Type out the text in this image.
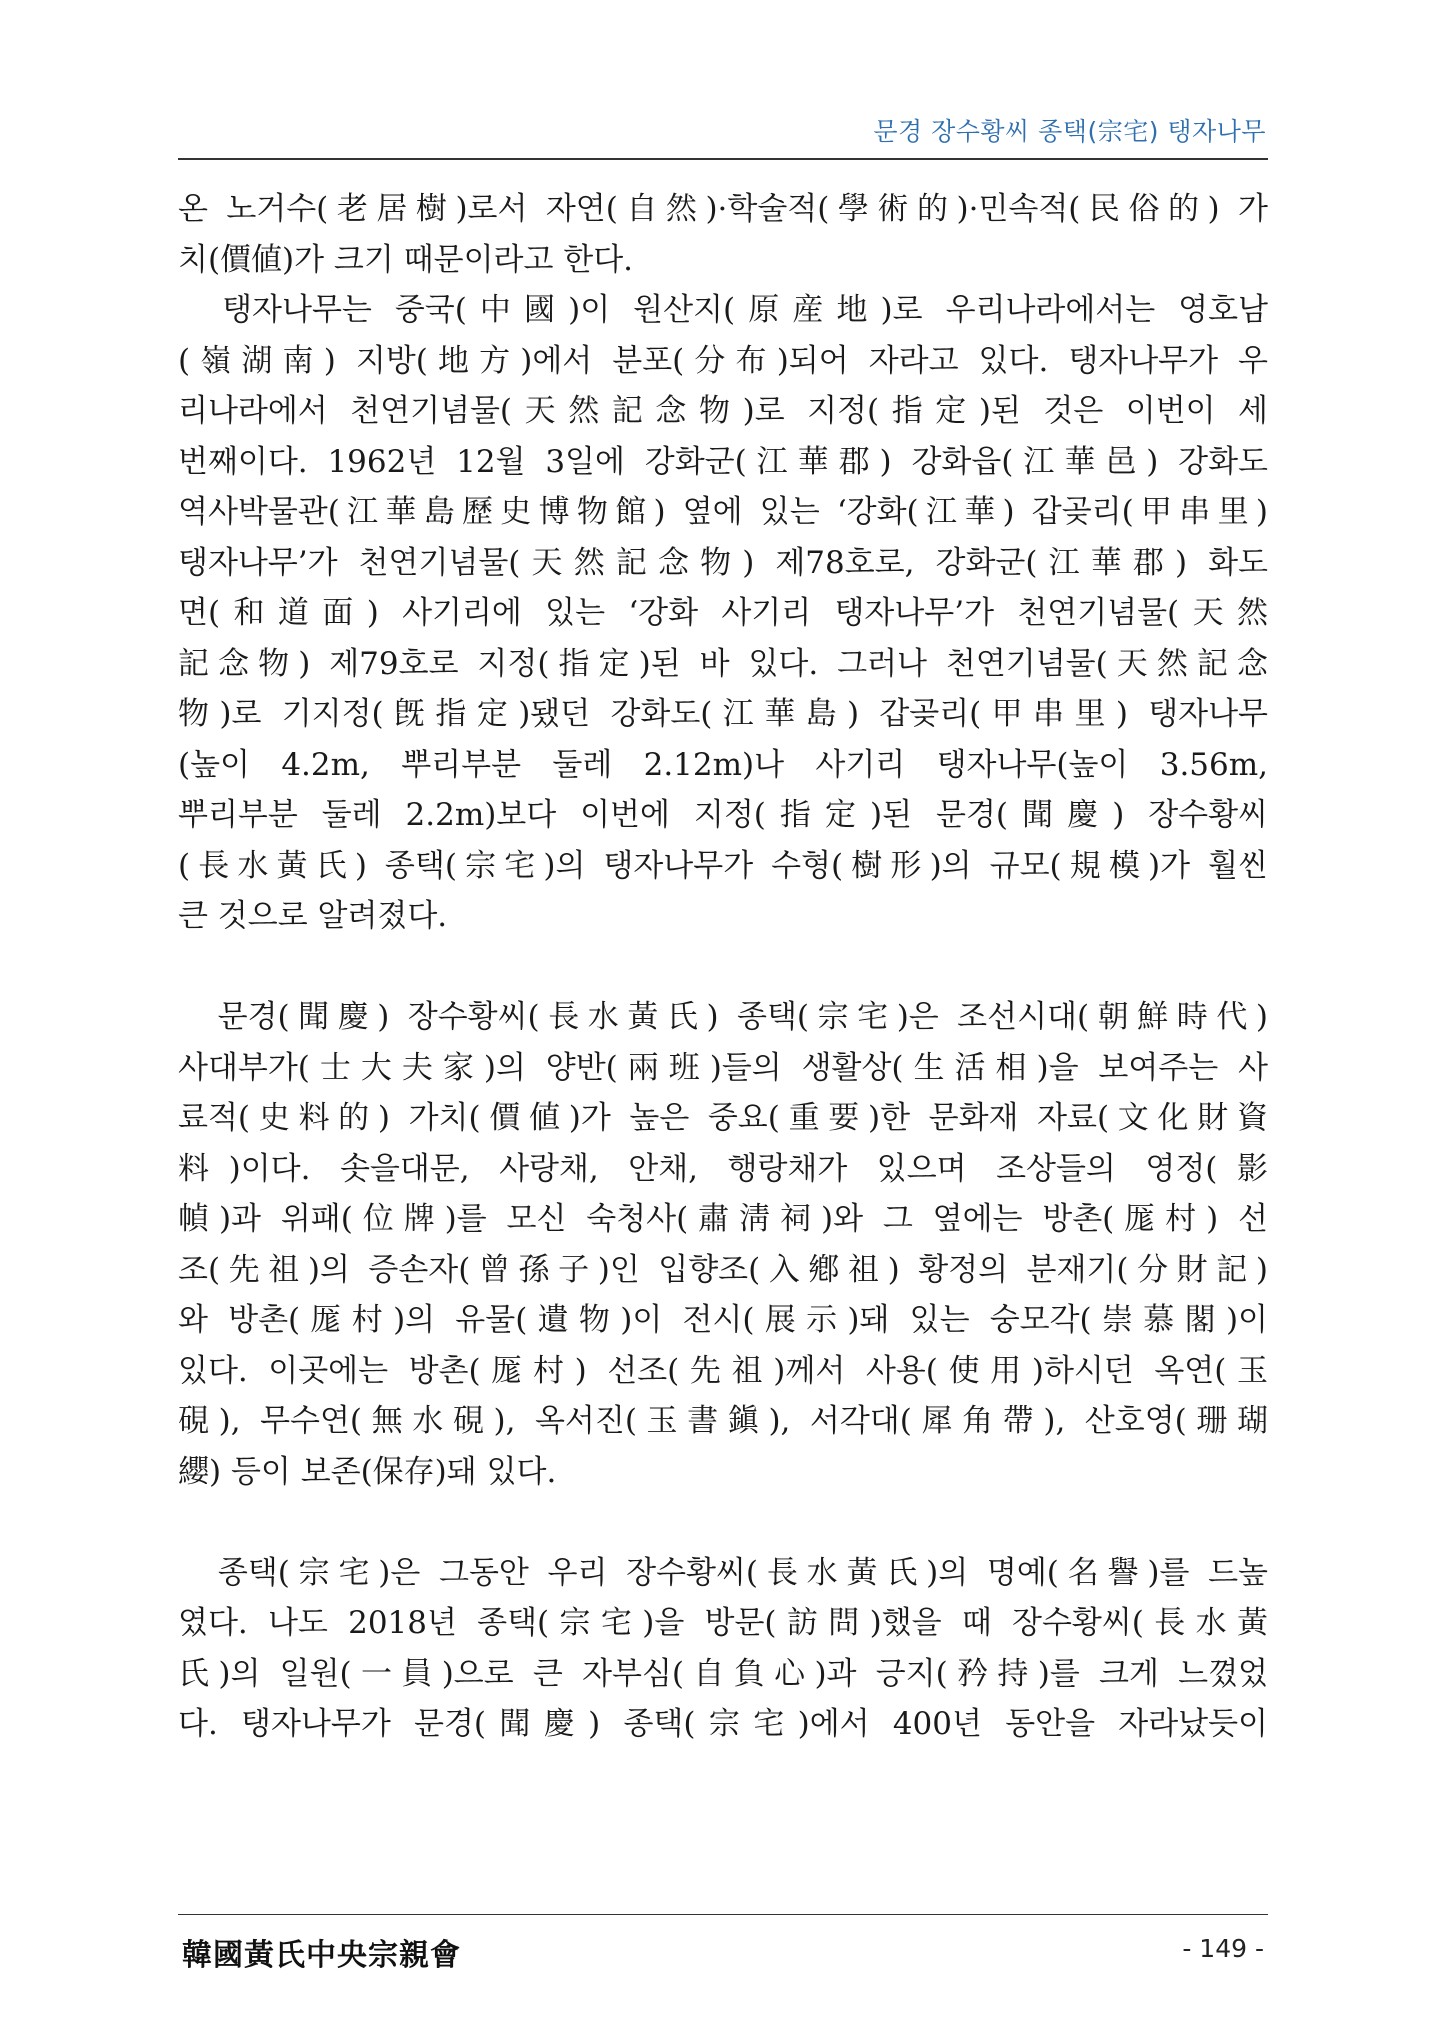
문경 장수황씨 종택(宗宅) 탱자나무
온 노거수(老居樹)로서 자연(自然)·학술적(學術的)·민속적(民俗的) 가
치(價値)가 크기 때문이라고 한다.
　탱자나무는 중국(中國)이 원산지(原産地)로 우리나라에서는 영호남
(嶺湖南) 지방(地方)에서 분포(分布)되어 자라고 있다. 탱자나무가 우
리나라에서 천연기념물(天然記念物)로 지정(指定)된 것은 이번이 세
번째이다. 1962년 12월 3일에 강화군(江華郡) 강화읍(江華邑) 강화도
역사박물관(江華島歷史博物館) 옆에 있는 ‘강화(江華) 갑곶리(甲串里)
탱자나무’가 천연기념물(天然記念物) 제78호로, 강화군(江華郡) 화도
면(和道面) 사기리에 있는 ‘강화 사기리 탱자나무’가 천연기념물(天然
記念物) 제79호로 지정(指定)된 바 있다. 그러나 천연기념물(天然記念
物)로 기지정(旣指定)됐던 강화도(江華島) 갑곶리(甲串里) 탱자나무
(높이 4.2m, 뿌리부분 둘레 2.12m)나 사기리 탱자나무(높이 3.56m,
뿌리부분 둘레 2.2m)보다 이번에 지정(指定)된 문경(聞慶) 장수황씨
(長水黃氏) 종택(宗宅)의 탱자나무가 수형(樹形)의 규모(規模)가 훨씬
큰 것으로 알려졌다.
　문경(聞慶) 장수황씨(長水黃氏) 종택(宗宅)은 조선시대(朝鮮時代)
사대부가(士大夫家)의 양반(兩班)들의 생활상(生活相)을 보여주는 사
료적(史料的) 가치(價値)가 높은 중요(重要)한 문화재 자료(文化財資
料)이다. 솟을대문, 사랑채, 안채, 행랑채가 있으며 조상들의 영정(影
幀)과 위패(位牌)를 모신 숙청사(肅淸祠)와 그 옆에는 방촌(厖村) 선
조(先祖)의 증손자(曾孫子)인 입향조(入鄕祖) 황정의 분재기(分財記)
와 방촌(厖村)의 유물(遺物)이 전시(展示)돼 있는 숭모각(崇慕閣)이
있다. 이곳에는 방촌(厖村) 선조(先祖)께서 사용(使用)하시던 옥연(玉
硯), 무수연(無水硯), 옥서진(玉書鎭), 서각대(犀角帶), 산호영(珊瑚
纓) 등이 보존(保存)돼 있다.
　종택(宗宅)은 그동안 우리 장수황씨(長水黃氏)의 명예(名譽)를 드높
였다. 나도 2018년 종택(宗宅)을 방문(訪問)했을 때 장수황씨(長水黃
氏)의 일원(一員)으로 큰 자부심(自負心)과 긍지(矜持)를 크게 느꼈었
다. 탱자나무가 문경(聞慶) 종택(宗宅)에서 400년 동안을 자라났듯이
韓國黃氏中央宗親會	- 149 -
